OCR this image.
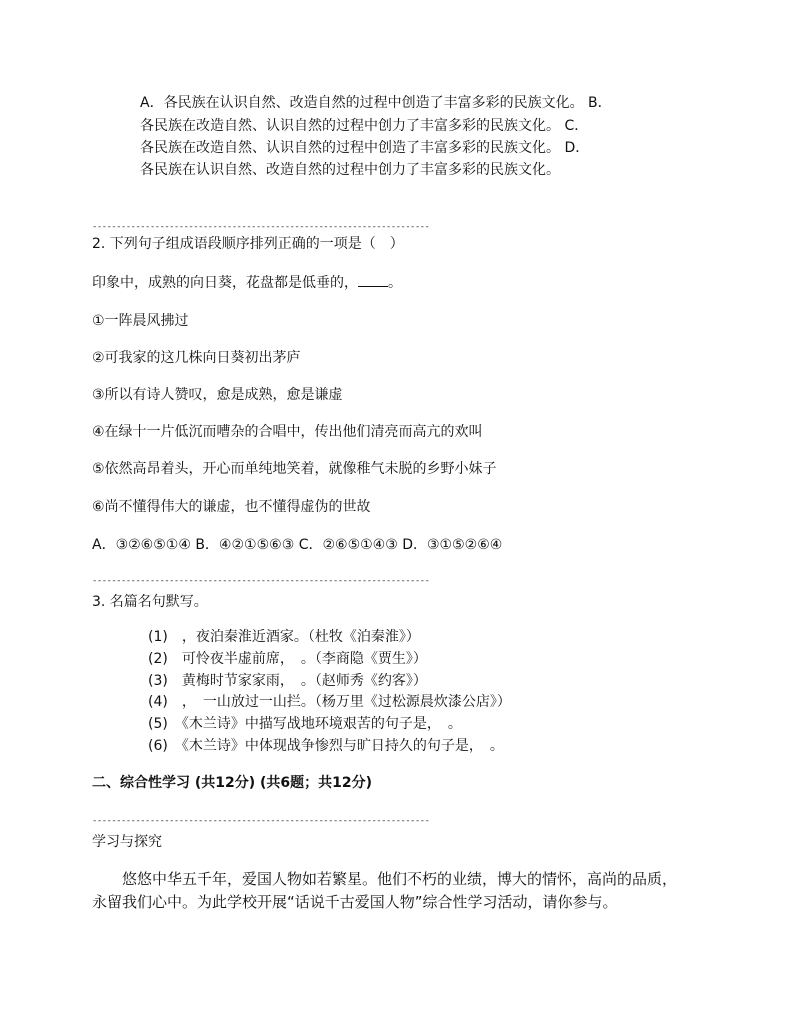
A．各民族在认识自然、改造自然的过程中创造了丰富多彩的民族文化。 B．
各民族在改造自然、认识自然的过程中创力了丰富多彩的民族文化。 C．
各民族在改造自然、认识自然的过程中创造了丰富多彩的民族文化。 D．
各民族在认识自然、改造自然的过程中创力了丰富多彩的民族文化。
----------------------------------------------------------------------
2. 下列句子组成语段顺序排列正确的一项是（　）
印象中，成熟的向日葵，花盘都是低垂的， 。
①一阵晨风拂过
②可我家的这几株向日葵初出茅庐
③所以有诗人赞叹，愈是成熟，愈是谦虚
④在绿十一片低沉而嘈杂的合唱中，传出他们清亮而高亢的欢叫
⑤依然高昂着头，开心而单纯地笑着，就像稚气未脱的乡野小妹子
⑥尚不懂得伟大的谦虚，也不懂得虚伪的世故
A．③②⑥⑤①④ B．④②①⑤⑥③ C．②⑥⑤①④③ D．③①⑤②⑥④
----------------------------------------------------------------------
3. 名篇名句默写。
(1)　，夜泊秦淮近酒家。（杜牧《泊秦淮》）
(2)　可怜夜半虚前席，　。（李商隐《贾生》）
(3)　黄梅时节家家雨，　。（赵师秀《约客》）
(4)　，　一山放过一山拦。（杨万里《过松源晨炊漆公店》）
(5)　《木兰诗》中描写战地环境艰苦的句子是，　。
(6)　《木兰诗》中体现战争惨烈与旷日持久的句子是，　。
二、综合性学习 (共12分) (共6题；共12分)
----------------------------------------------------------------------
学习与探究
悠悠中华五千年，爱国人物如若繁星。他们不朽的业绩，博大的情怀，高尚的品质，
永留我们心中。为此学校开展“话说千古爱国人物”综合性学习活动，请你参与。
